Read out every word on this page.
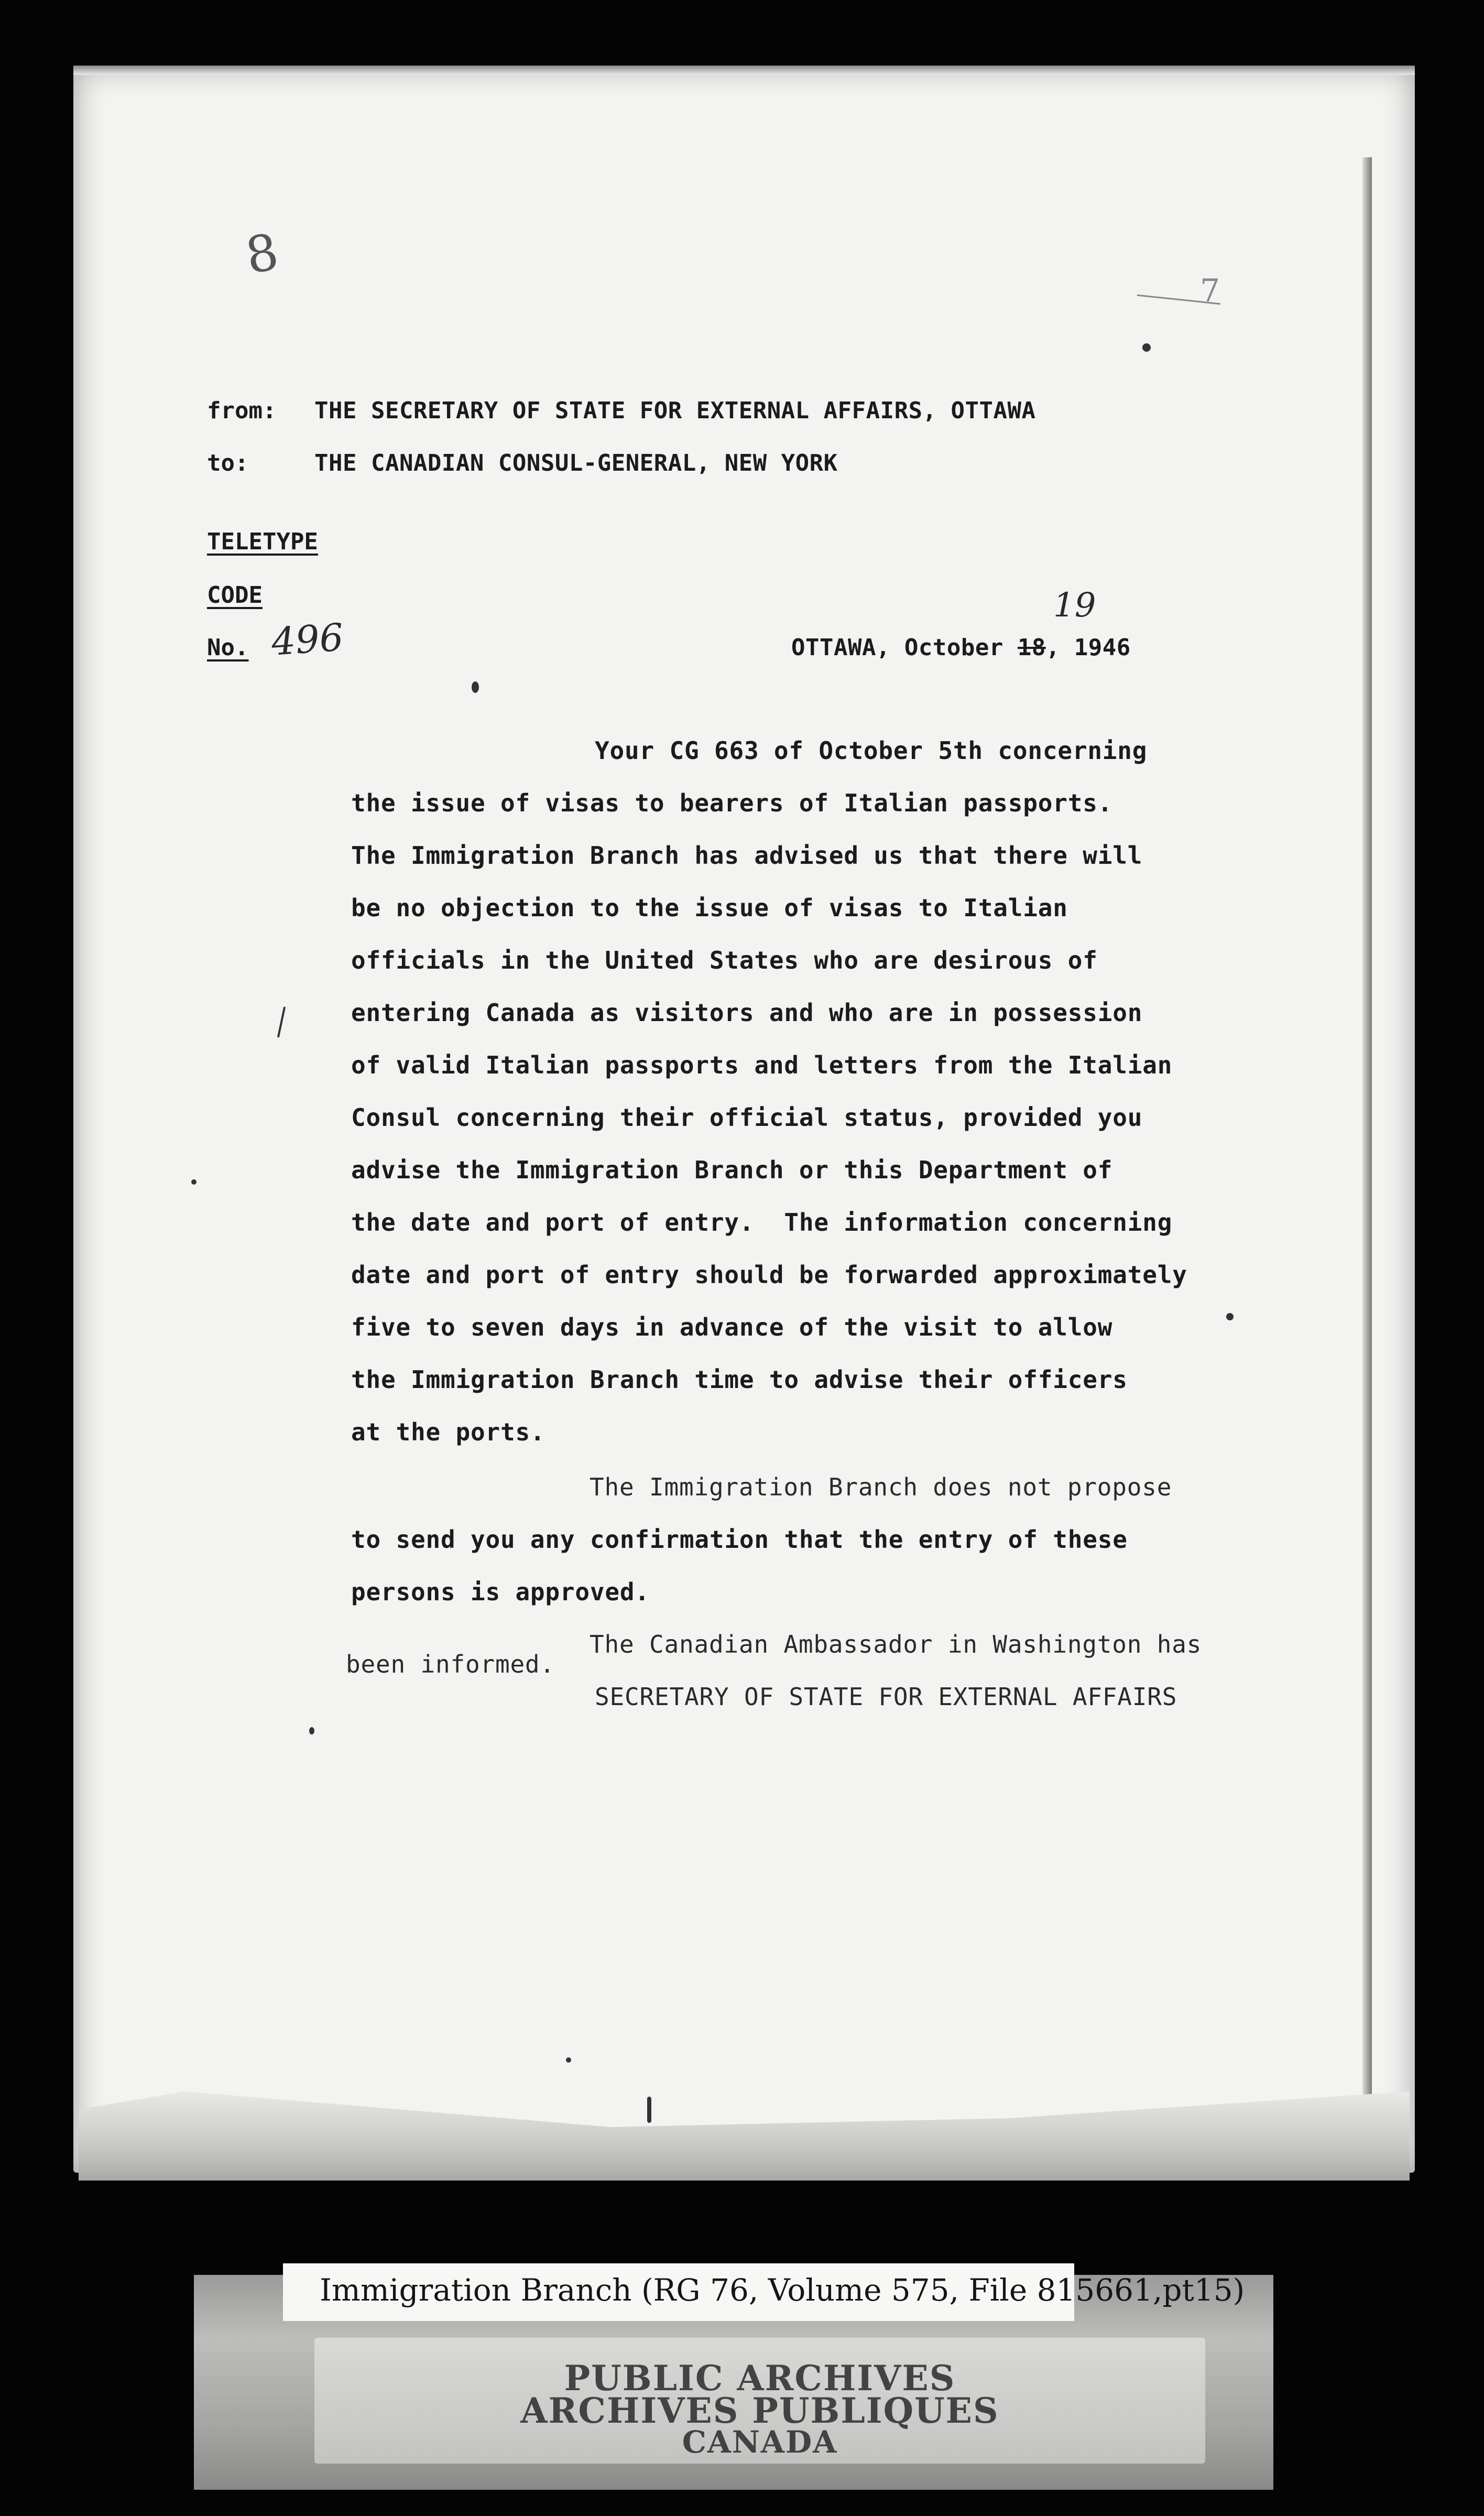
8
7
from: THE SECRETARY OF STATE FOR EXTERNAL AFFAIRS, OTTAWA
to:	THE CANADIAN CONSUL-GENERAL, NEW YORK
TELETYPE
CODE
No. 496	OTTAWA, October 18, 1946
19
Your CG 663 of October 5th concerning
the issue of visas to bearers of Italian passports.
The Immigration Branch has advised us that there will
be no objection to the issue of visas to Italian
officials in the United States who are desirous of
entering Canada as visitors and who are in possession
of valid Italian passports and letters from the Italian
Consul concerning their official status, provided you
advise the Immigration Branch or this Department of
the date and port of entry.  The information concerning
date and port of entry should be forwarded approximately
five to seven days in advance of the visit to allow
the Immigration Branch time to advise their officers
at the ports.
The Immigration Branch does not propose
to send you any confirmation that the entry of these
persons is approved.
The Canadian Ambassador in Washington has
been informed.
SECRETARY OF STATE FOR EXTERNAL AFFAIRS
Immigration Branch (RG 76, Volume 575, File 815661,pt15)
PUBLIC ARCHIVES
ARCHIVES PUBLIQUES
CANADA
